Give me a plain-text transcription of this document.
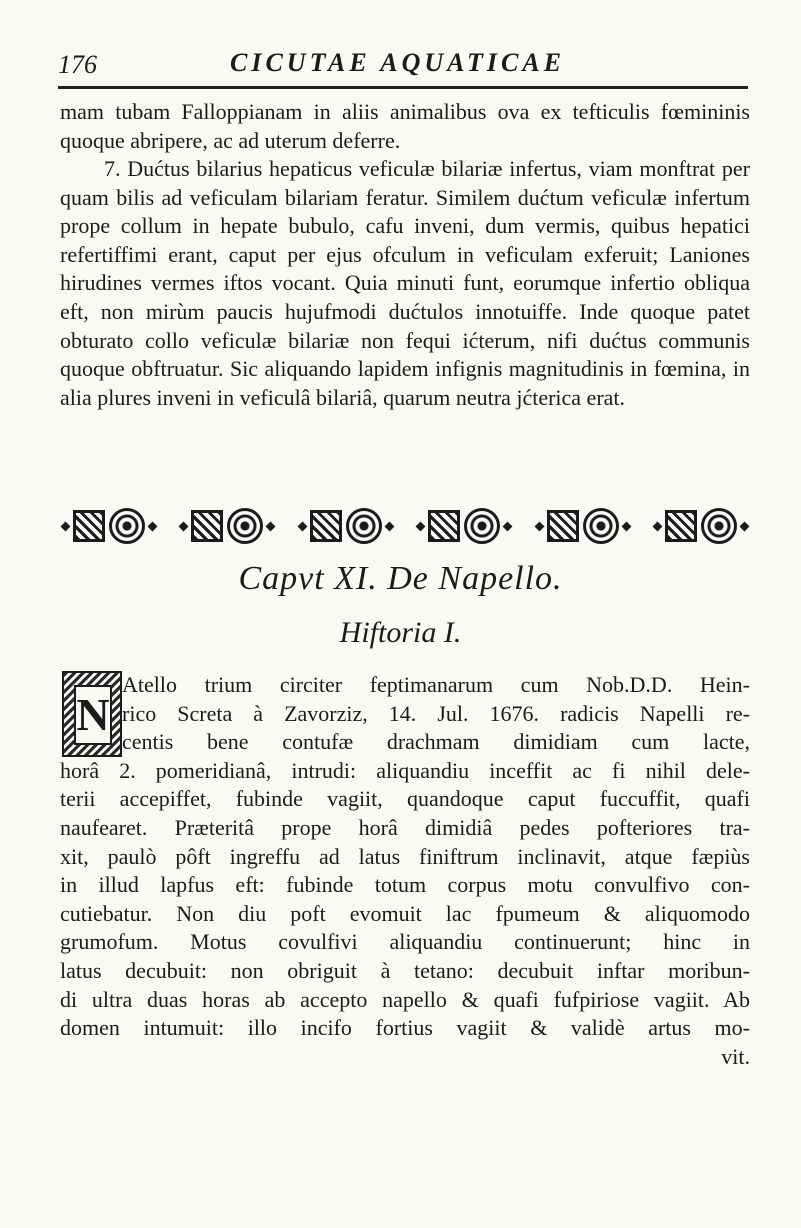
176	CICUTAE AQUATICAE

mam tubam Falloppianam in aliis animalibus ova ex tefticulis fœmininis quoque abripere, ac ad uterum deferre.

7. Dućtus bilarius hepaticus veficulæ bilariæ infertus, viam monftrat per quam bilis ad veficulam bilariam feratur. Similem dućtum veficulæ infertum prope collum in hepate bubulo, cafu inveni, dum vermis, quibus hepatici refertiffimi erant, caput per ejus ofculum in veficulam exferuit; Laniones hirudines vermes iftos vocant. Quia minuti funt, eorumque infertio obliqua eft, non mirùm paucis hujufmodi dućtulos innotuiffe. Inde quoque patet obturato collo veficulæ bilariæ non fequi ićterum, nifi dućtus communis quoque obftruatur. Sic aliquando lapidem infignis magnitudinis in fœmina, in alia plures inveni in veficulâ bilariâ, quarum neutra jćterica erat.

Capvt XI. De Napello.
Hiftoria I.
N
Atello trium circiter feptimanarum cum Nob.D.D. Hein-
rico Screta à Zavorziz, 14. Jul. 1676. radicis Napelli re-
centis bene contufæ drachmam dimidiam cum lacte,
horâ 2. pomeridianâ, intrudi: aliquandiu inceffit ac fi nihil dele-
terii accepiffet, fubinde vagiit, quandoque caput fuccuffit, quafi
naufearet. Præteritâ prope horâ dimidiâ pedes pofteriores tra-
xit, paulò pôft ingreffu ad latus finiftrum inclinavit, atque fæpiùs
in illud lapfus eft: fubinde totum corpus motu convulfivo con-
cutiebatur. Non diu poft evomuit lac fpumeum & aliquomodo
grumofum. Motus covulfivi aliquandiu continuerunt; hinc in
latus decubuit: non obriguit à tetano: decubuit inftar moribun-
di ultra duas horas ab accepto napello & quafi fufpiriose vagiit. Ab
domen intumuit: illo incifo fortius vagiit & validè artus mo-
vit.
